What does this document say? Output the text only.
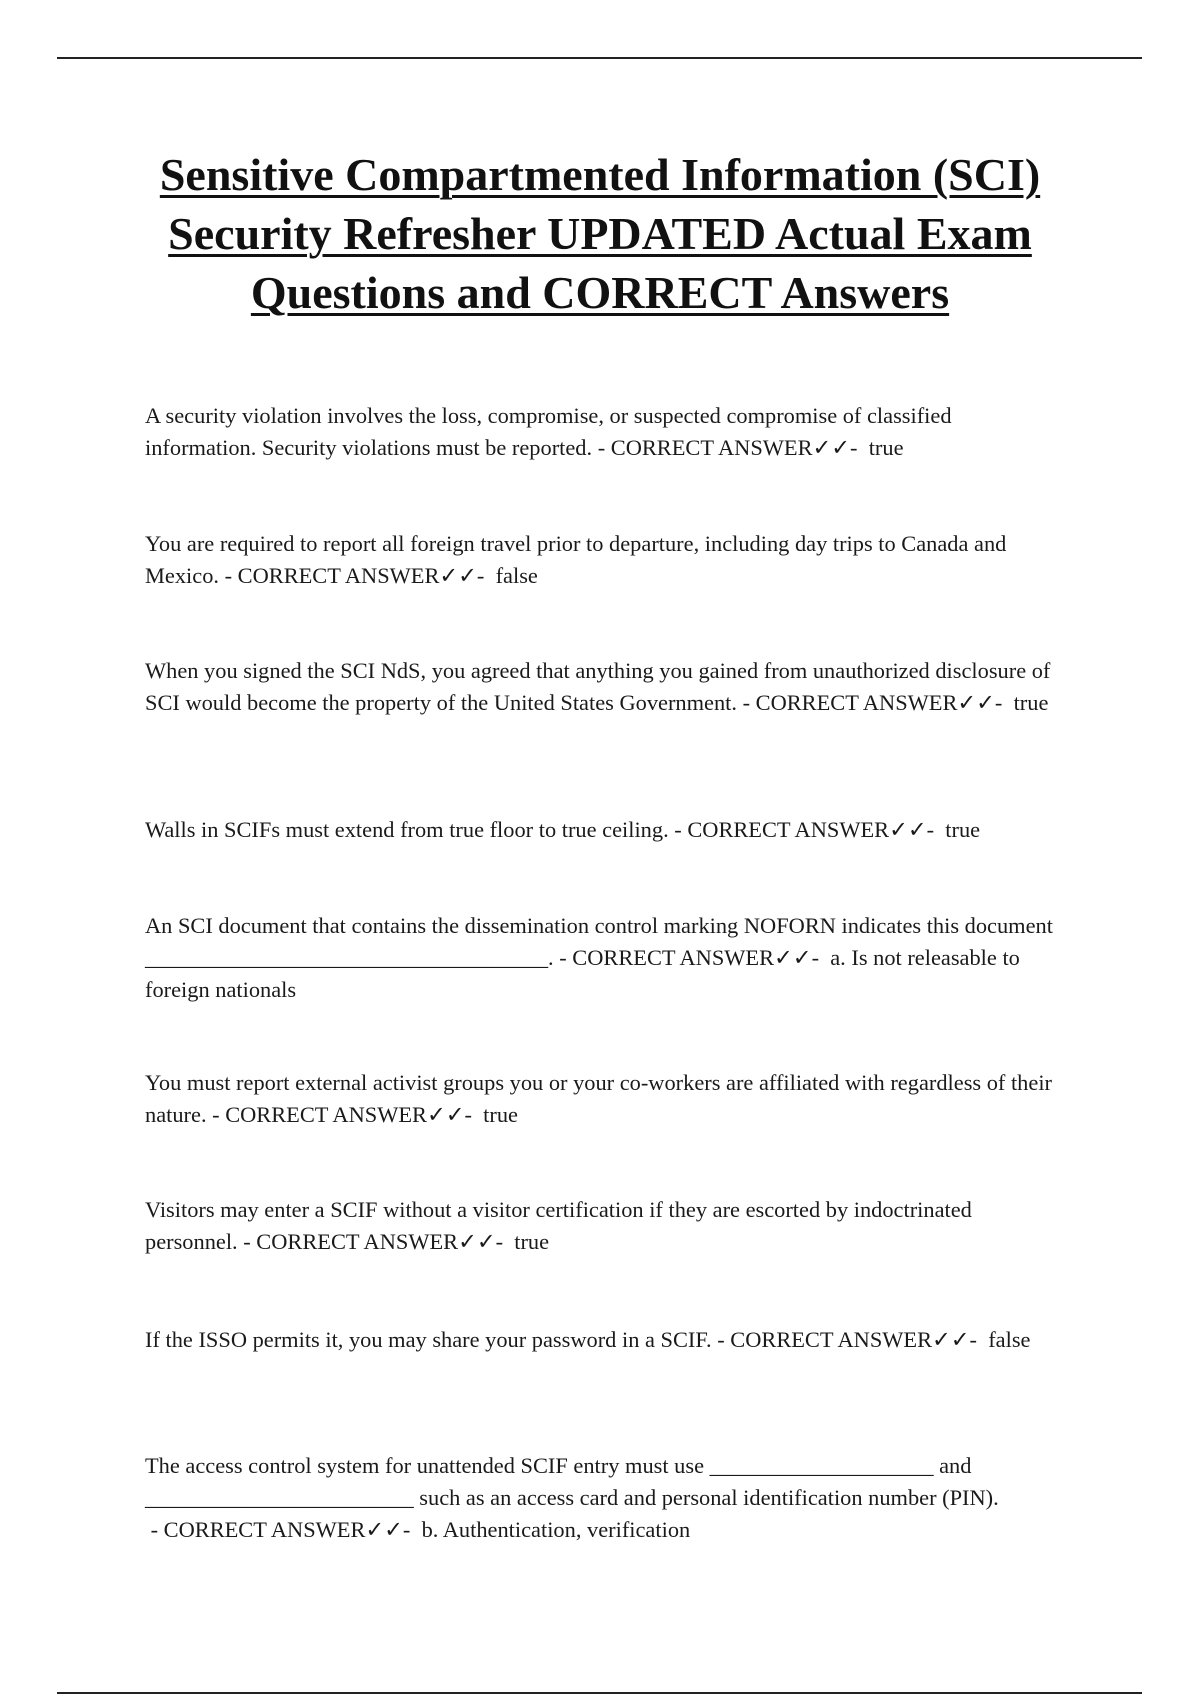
Sensitive Compartmented Information (SCI) Security Refresher UPDATED Actual Exam Questions and CORRECT Answers

A security violation involves the loss, compromise, or suspected compromise of classified information. Security violations must be reported. - CORRECT ANSWER✓✓-  true

You are required to report all foreign travel prior to departure, including day trips to Canada and Mexico. - CORRECT ANSWER✓✓-  false

When you signed the SCI NdS, you agreed that anything you gained from unauthorized disclosure of SCI would become the property of the United States Government. - CORRECT ANSWER✓✓-  true

Walls in SCIFs must extend from true floor to true ceiling. - CORRECT ANSWER✓✓-  true

An SCI document that contains the dissemination control marking NOFORN indicates this document ____________________________________. - CORRECT ANSWER✓✓-  a. Is not releasable to foreign nationals

You must report external activist groups you or your co-workers are affiliated with regardless of their nature. - CORRECT ANSWER✓✓-  true

Visitors may enter a SCIF without a visitor certification if they are escorted by indoctrinated personnel. - CORRECT ANSWER✓✓-  true

If the ISSO permits it, you may share your password in a SCIF. - CORRECT ANSWER✓✓-  false

The access control system for unattended SCIF entry must use ____________________ and ________________________ such as an access card and personal identification number (PIN). - CORRECT ANSWER✓✓-  b. Authentication, verification
